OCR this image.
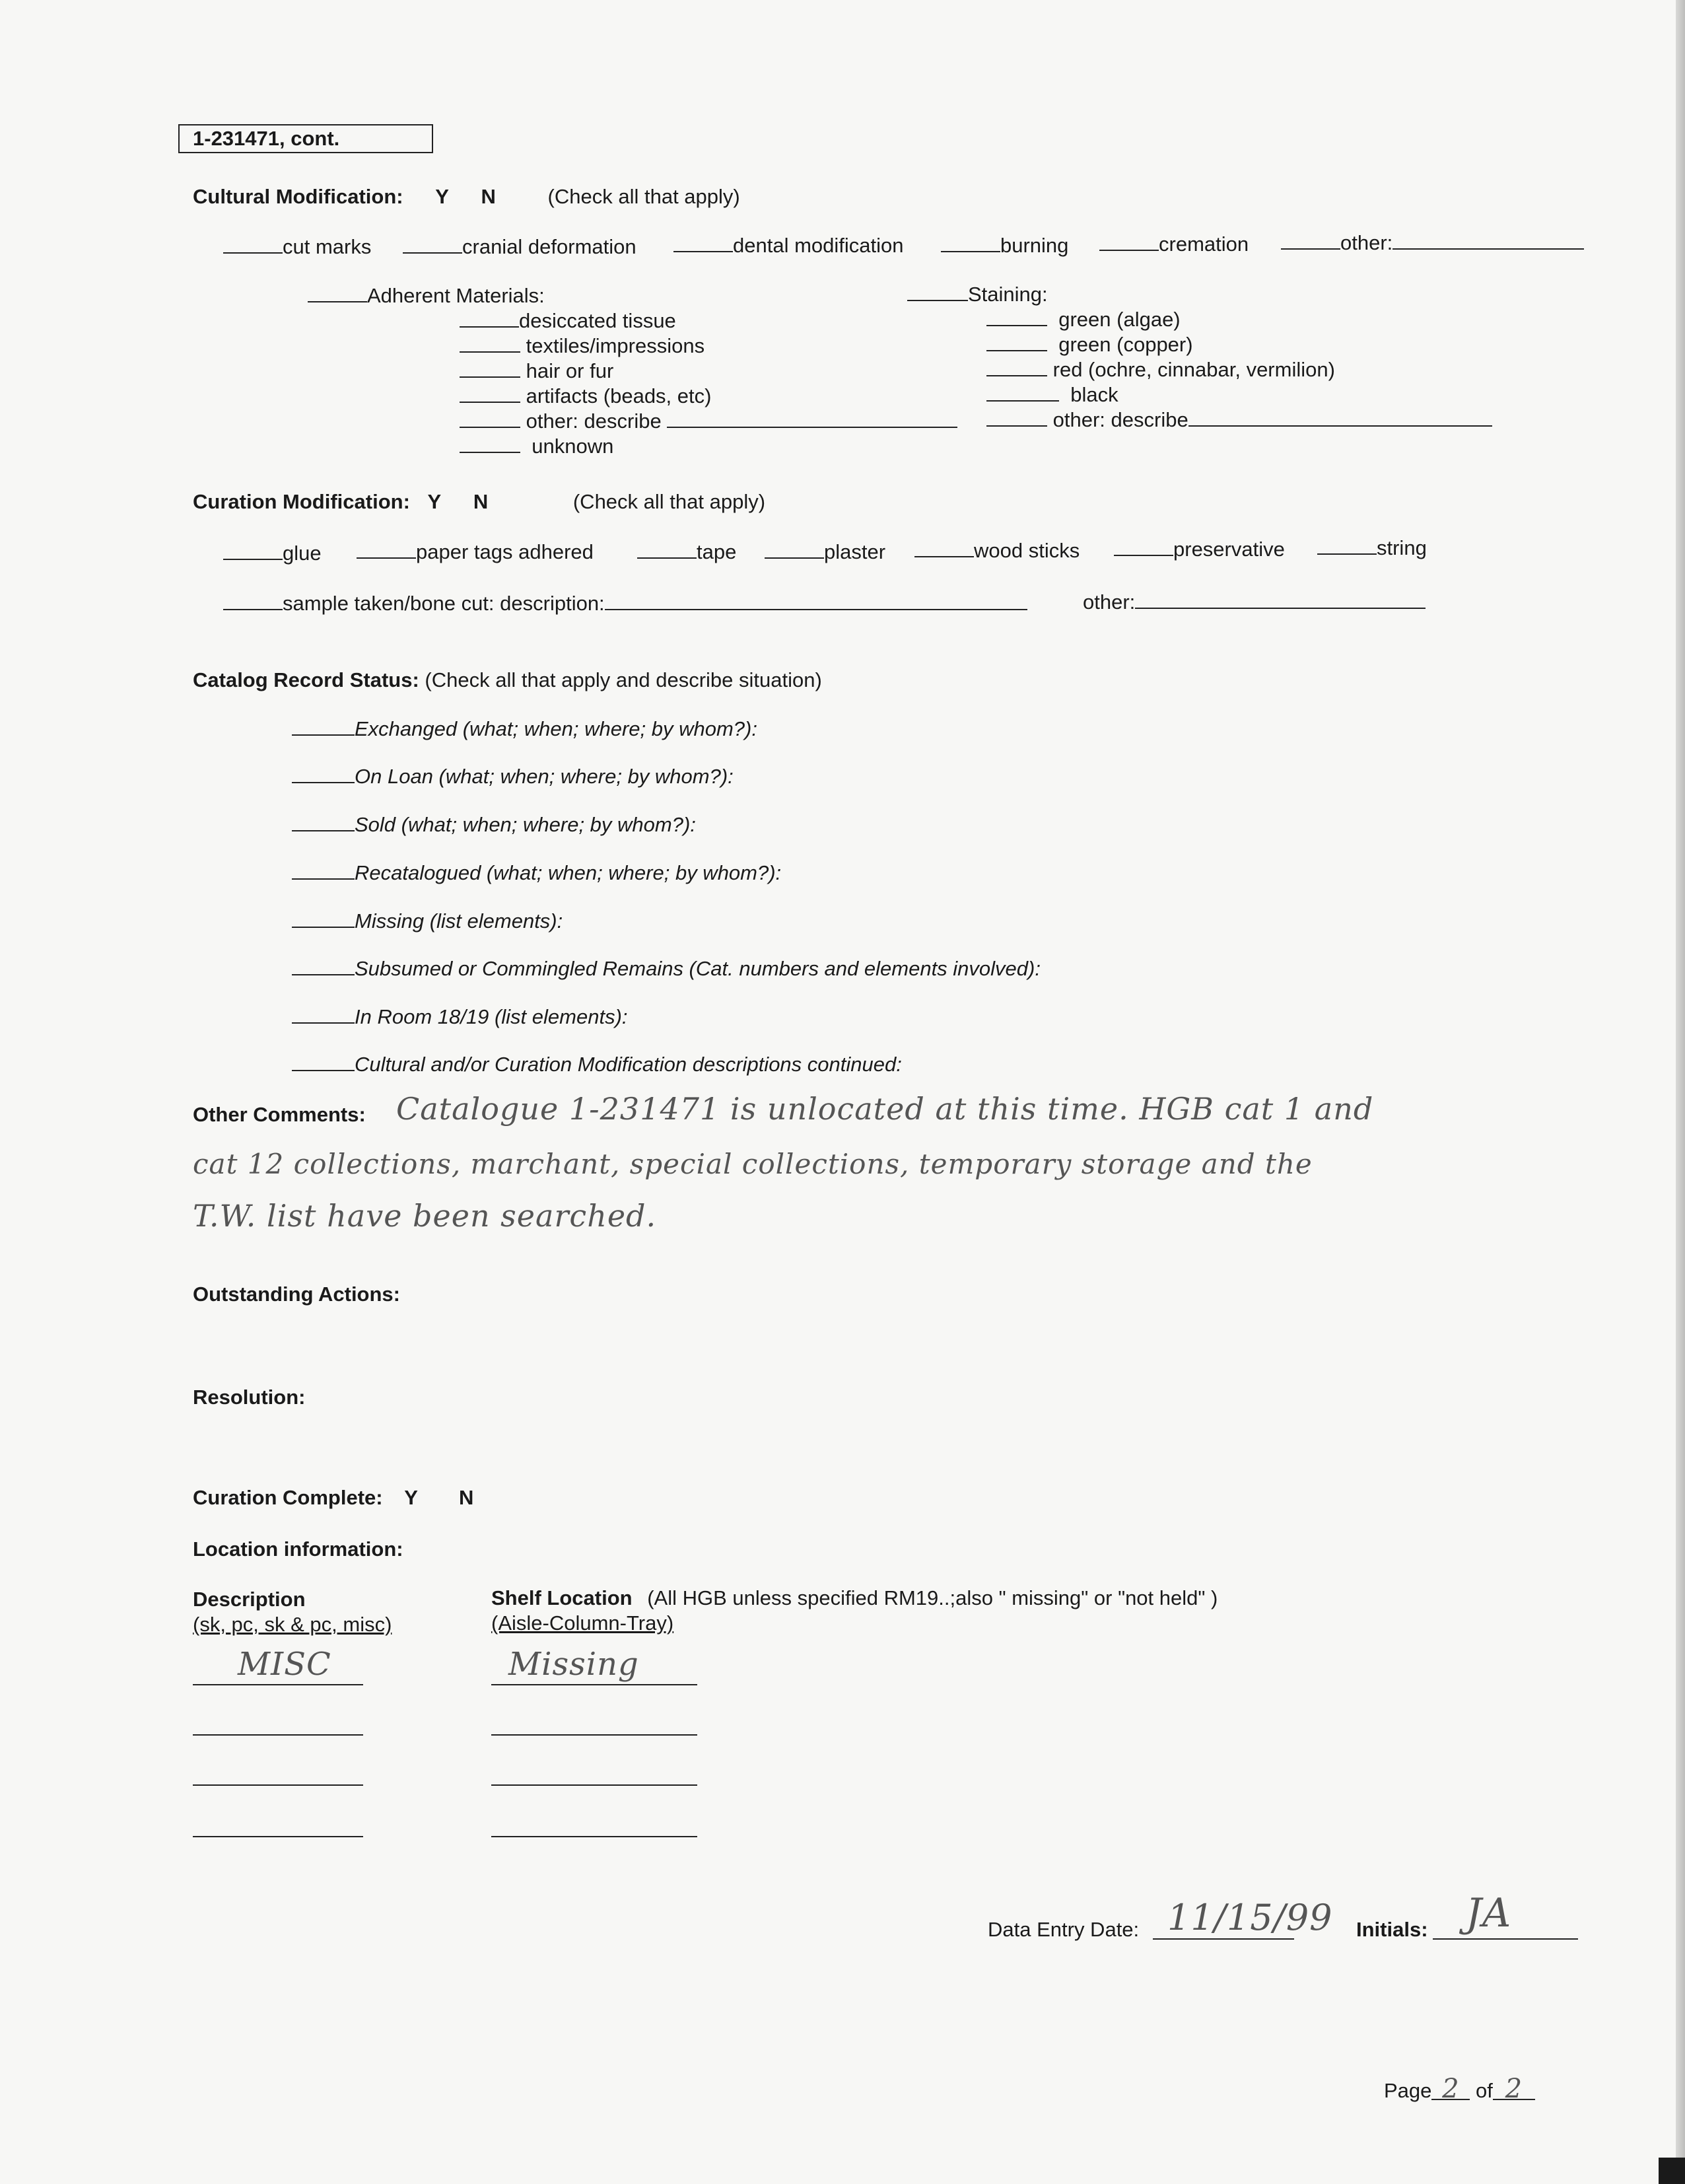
1-231471, cont.
Cultural Modification: Y N	(Check all that apply)
cut marks	cranial deformation	dental modification	burning	cremation	other:
Adherent Materials:
desiccated tissue
textiles/impressions
hair or fur
artifacts (beads, etc)
other: describe
unknown
Staining:
green (algae)
green (copper)
red (ochre, cinnabar, vermilion)
black
other: describe
Curation Modification: Y N	(Check all that apply)
glue	paper tags adhered	tape	plaster	wood sticks	preservative	string
sample taken/bone cut: description:	other:
Catalog Record Status: (Check all that apply and describe situation)
Exchanged (what; when; where; by whom?):
On Loan (what; when; where; by whom?):
Sold (what; when; where; by whom?):
Recatalogued (what; when; where; by whom?):
Missing (list elements):
Subsumed or Commingled Remains (Cat. numbers and elements involved):
In Room 18/19 (list elements):
Cultural and/or Curation Modification descriptions continued:
Other Comments: Catalogue 1-231471 is unlocated at this time. HGB cat 1 and
cat 12 collections, marchant, special collections, temporary storage and the
T.W. list have been searched.
Outstanding Actions:
Resolution:
Curation Complete: Y N
Location information:
Description
(sk, pc, sk & pc, misc)
Shelf Location (All HGB unless specified RM19..;also " missing" or "not held" )
(Aisle-Column-Tray)
MISC	Missing
Data Entry Date: 11/15/99 Initials: JA
Page 2 of 2
